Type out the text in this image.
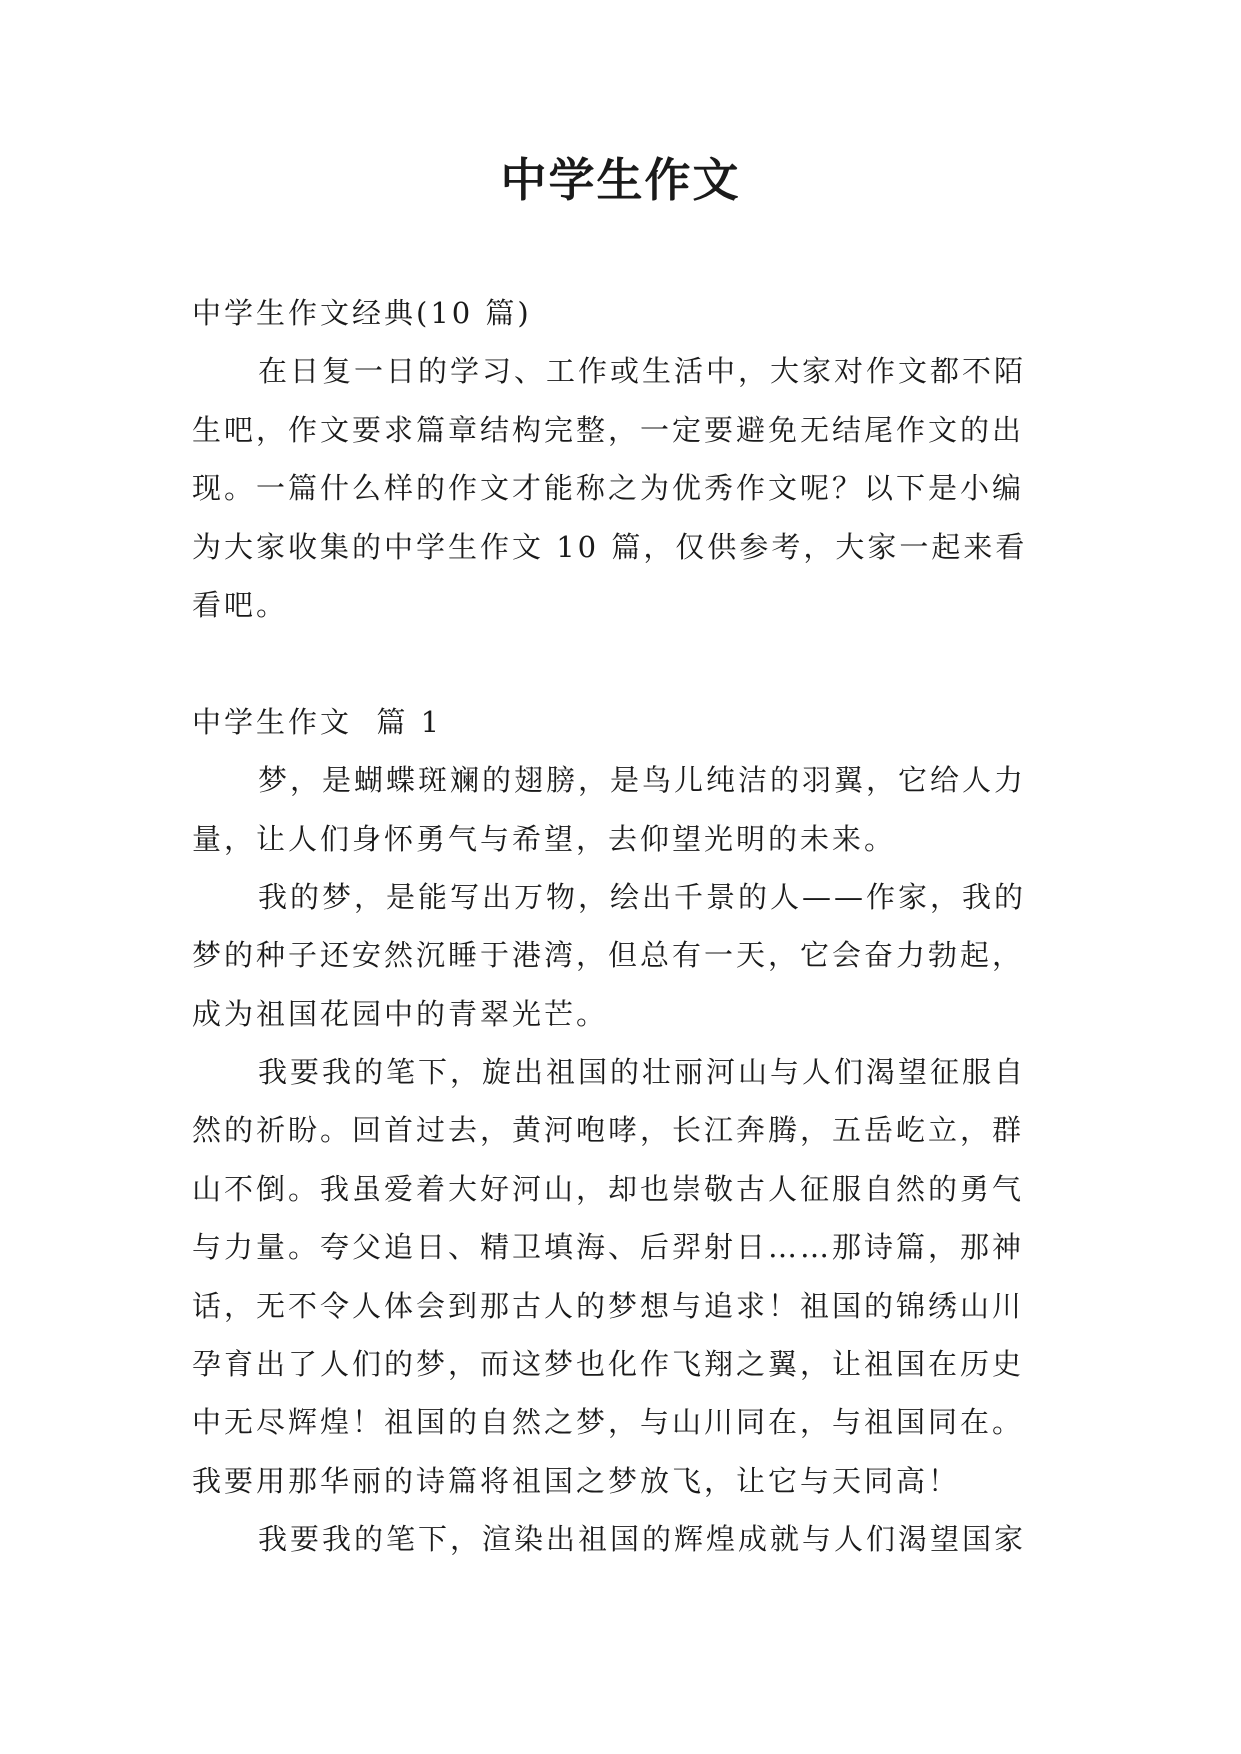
中学生作文

中学生作文经典(10 篇)

在日复一日的学习、工作或生活中，大家对作文都不陌

生吧，作文要求篇章结构完整，一定要避免无结尾作文的出

现。一篇什么样的作文才能称之为优秀作文呢？以下是小编

为大家收集的中学生作文 10 篇，仅供参考，大家一起来看

看吧。

中学生作文  篇 1

梦，是蝴蝶斑斓的翅膀，是鸟儿纯洁的羽翼，它给人力

量，让人们身怀勇气与希望，去仰望光明的未来。

我的梦，是能写出万物，绘出千景的人——作家，我的

梦的种子还安然沉睡于港湾，但总有一天，它会奋力勃起，

成为祖国花园中的青翠光芒。

我要我的笔下，旋出祖国的壮丽河山与人们渴望征服自

然的祈盼。回首过去，黄河咆哮，长江奔腾，五岳屹立，群

山不倒。我虽爱着大好河山，却也崇敬古人征服自然的勇气

与力量。夸父追日、精卫填海、后羿射日……那诗篇，那神

话，无不令人体会到那古人的梦想与追求！祖国的锦绣山川

孕育出了人们的梦，而这梦也化作飞翔之翼，让祖国在历史

中无尽辉煌！祖国的自然之梦，与山川同在，与祖国同在。

我要用那华丽的诗篇将祖国之梦放飞，让它与天同高！

我要我的笔下，渲染出祖国的辉煌成就与人们渴望国家
